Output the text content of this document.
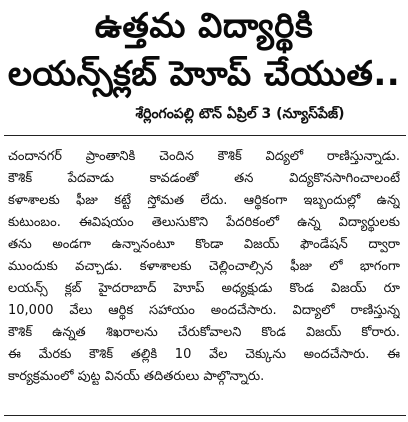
ఉత్తమ విద్యార్థికి
లయన్స్‌క్లబ్ హెూప్ చేయుత..
శేర్లింగంపల్లి టౌన్ ఏప్రిల్ 3 (న్యూస్‌పేజ్)
చందానగర్ ప్రాంతానికి చెందిన కౌశిక్ విద్యలో రాణిస్తున్నాడు.
కౌశిక్ పేదవాడు కావడంతో తన విద్యకొనసాగించాలంటే
కళాశాలకు ఫీజు కట్టే స్తోమత లేదు. ఆర్థికంగా ఇబ్బందుల్లో ఉన్న
కుటుంబం. ఈవిషయం తెలుసుకొని పేదరికంలో ఉన్న విద్యార్థులకు
తను అండగా ఉన్నానంటూ కొండా విజయ్ ఫౌండేషన్ ద్వారా
ముందుకు వచ్చాడు. కళాశాలకు చెల్లించాల్సిన ఫీజు లో భాగంగా
లయన్స్ క్లబ్ హైదరాబాద్ హెూప్ అధ్యక్షుడు కొండ విజయ్ రూ
10,000 వేలు ఆర్థిక సహాయం అందచేసారు. విద్యాలో రాణిస్తున్న
కౌశిక్ ఉన్నత శిఖరాలను చేరుకోవాలని కొండ విజయ్ కోరారు.
ఈ మేరకు కౌశిక్ తల్లికి 10 వేల చెక్కును అందచేసారు. ఈ
కార్యక్రమంలో పుట్ట వినయ్ తదితరులు పాల్గొన్నారు.
